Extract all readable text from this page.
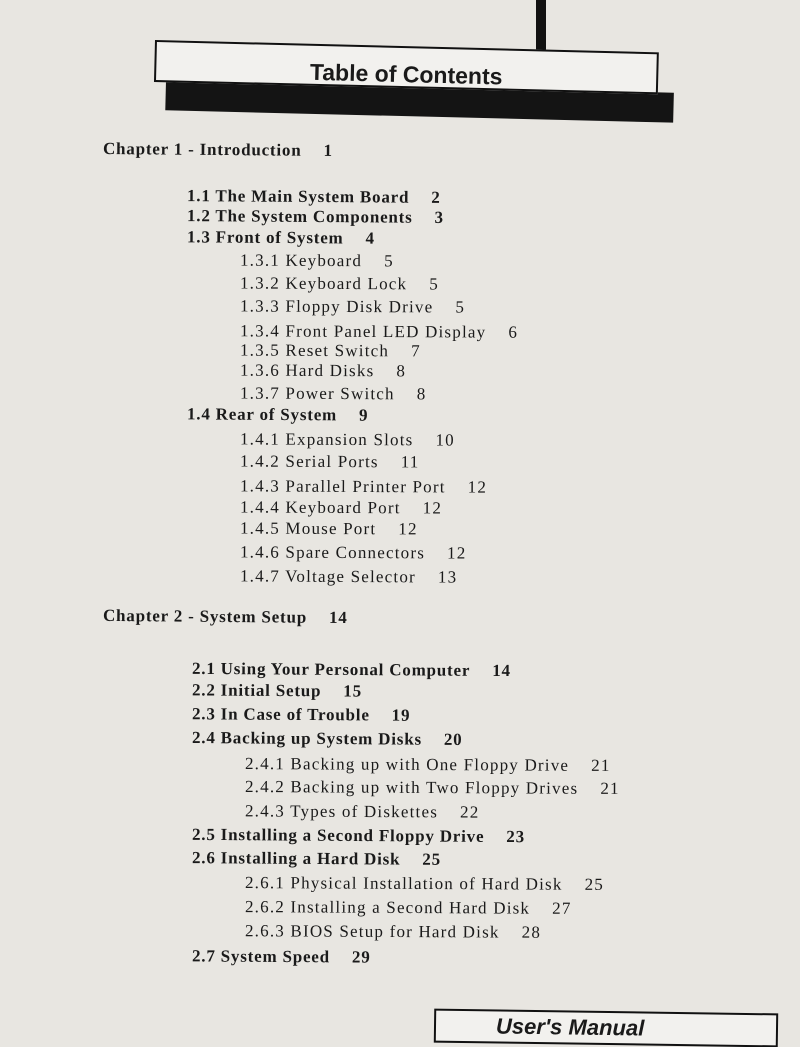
Table of Contents
Chapter 1 - Introduction 1
1.1 The Main System Board 2
1.2 The System Components 3
1.3 Front of System 4
1.3.1 Keyboard 5
1.3.2 Keyboard Lock 5
1.3.3 Floppy Disk Drive 5
1.3.4 Front Panel LED Display 6
1.3.5 Reset Switch 7
1.3.6 Hard Disks 8
1.3.7 Power Switch 8
1.4 Rear of System 9
1.4.1 Expansion Slots 10
1.4.2 Serial Ports 11
1.4.3 Parallel Printer Port 12
1.4.4 Keyboard Port 12
1.4.5 Mouse Port 12
1.4.6 Spare Connectors 12
1.4.7 Voltage Selector 13
Chapter 2 - System Setup 14
2.1 Using Your Personal Computer 14
2.2 Initial Setup 15
2.3 In Case of Trouble 19
2.4 Backing up System Disks 20
2.4.1 Backing up with One Floppy Drive 21
2.4.2 Backing up with Two Floppy Drives 21
2.4.3 Types of Diskettes 22
2.5 Installing a Second Floppy Drive 23
2.6 Installing a Hard Disk 25
2.6.1 Physical Installation of Hard Disk 25
2.6.2 Installing a Second Hard Disk 27
2.6.3 BIOS Setup for Hard Disk 28
2.7 System Speed 29
User's Manual
